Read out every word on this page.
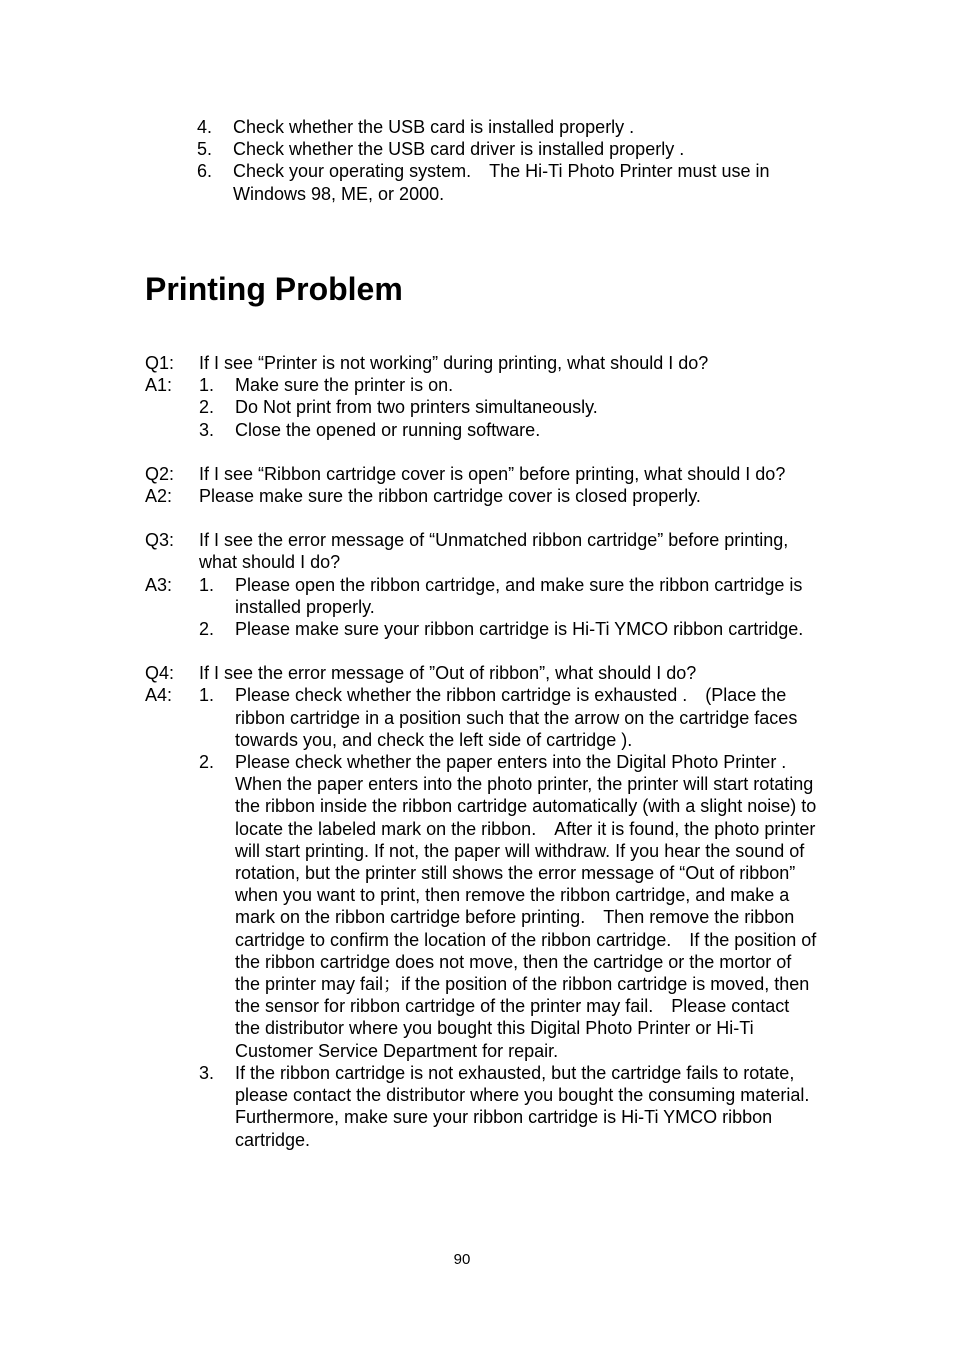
4.	Check whether the USB card is installed properly .
5.	Check whether the USB card driver is installed properly .
6.	Check your operating system.　The Hi-Ti Photo Printer must use in Windows 98, ME, or 2000.
Printing Problem
Q1:	If I see “Printer is not working” during printing, what should I do?
A1:	1.	Make sure the printer is on.
2.	Do Not print from two printers simultaneously.
3.	Close the opened or running software.
Q2:	If I see “Ribbon cartridge cover is open” before printing, what should I do?
A2:	Please make sure the ribbon cartridge cover is closed properly.
Q3:	If I see the error message of “Unmatched ribbon cartridge” before printing, what should I do?
A3:	1.	Please open the ribbon cartridge, and make sure the ribbon cartridge is installed properly.
2.	Please make sure your ribbon cartridge is Hi-Ti YMCO ribbon cartridge.
Q4:	If I see the error message of ”Out of ribbon”, what should I do?
A4:	1.	Please check whether the ribbon cartridge is exhausted .　(Place the ribbon cartridge in a position such that the arrow on the cartridge faces towards you, and check the left side of cartridge ).
2.	Please check whether the paper enters into the Digital Photo Printer .　When the paper enters into the photo printer, the printer will start rotating the ribbon inside the ribbon cartridge automatically (with a slight noise) to locate the labeled mark on the ribbon.　After it is found, the photo printer will start printing. If not, the paper will withdraw. If you hear the sound of rotation, but the printer still shows the error message of “Out of ribbon” when you want to print, then remove the ribbon cartridge, and make a mark on the ribbon cartridge before printing.　Then remove the ribbon cartridge to confirm the location of the ribbon cartridge.　If the position of the ribbon cartridge does not move, then the cartridge or the mortor of the printer may fail；if the position of the ribbon cartridge is moved, then the sensor for ribbon cartridge of the printer may fail.　Please contact the distributor where you bought this Digital Photo Printer or Hi-Ti Customer Service Department for repair.
3.	If the ribbon cartridge is not exhausted, but the cartridge fails to rotate, please contact the distributor where you bought the consuming material.　Furthermore, make sure your ribbon cartridge is Hi-Ti YMCO ribbon cartridge.
90
